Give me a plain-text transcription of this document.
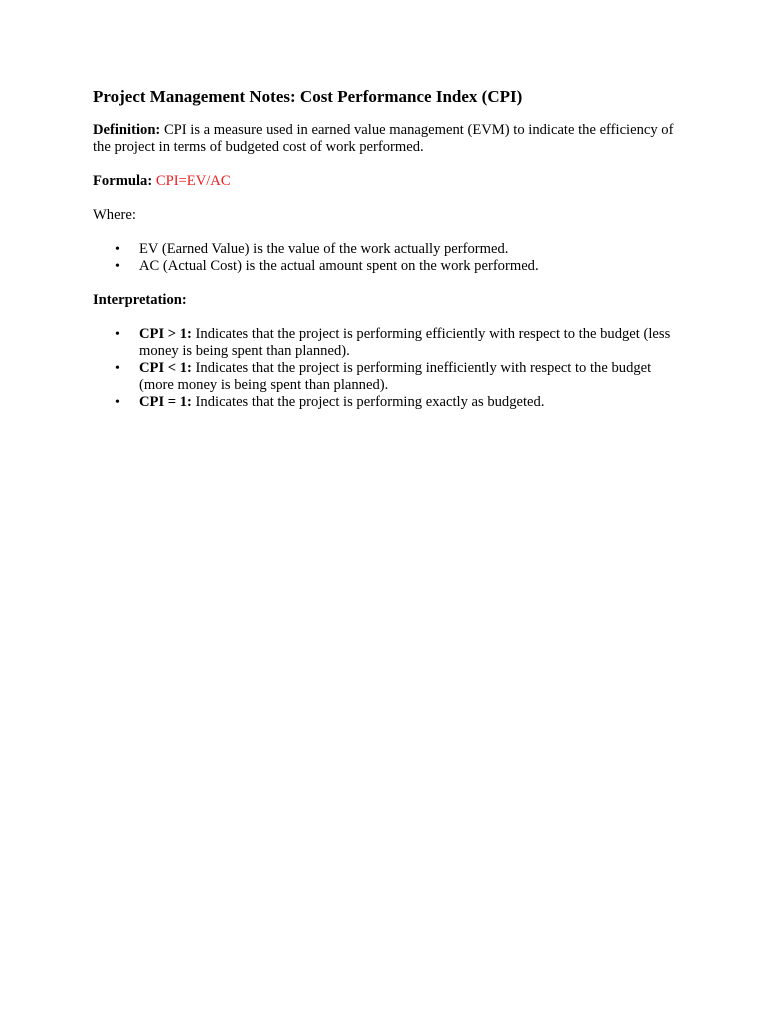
Project Management Notes: Cost Performance Index (CPI)

Definition: CPI is a measure used in earned value management (EVM) to indicate the efficiency of the project in terms of budgeted cost of work performed.

Formula: CPI=EV/AC

Where:

• EV (Earned Value) is the value of the work actually performed.
• AC (Actual Cost) is the actual amount spent on the work performed.

Interpretation:

• CPI > 1: Indicates that the project is performing efficiently with respect to the budget (less money is being spent than planned).
• CPI < 1: Indicates that the project is performing inefficiently with respect to the budget (more money is being spent than planned).
• CPI = 1: Indicates that the project is performing exactly as budgeted.
